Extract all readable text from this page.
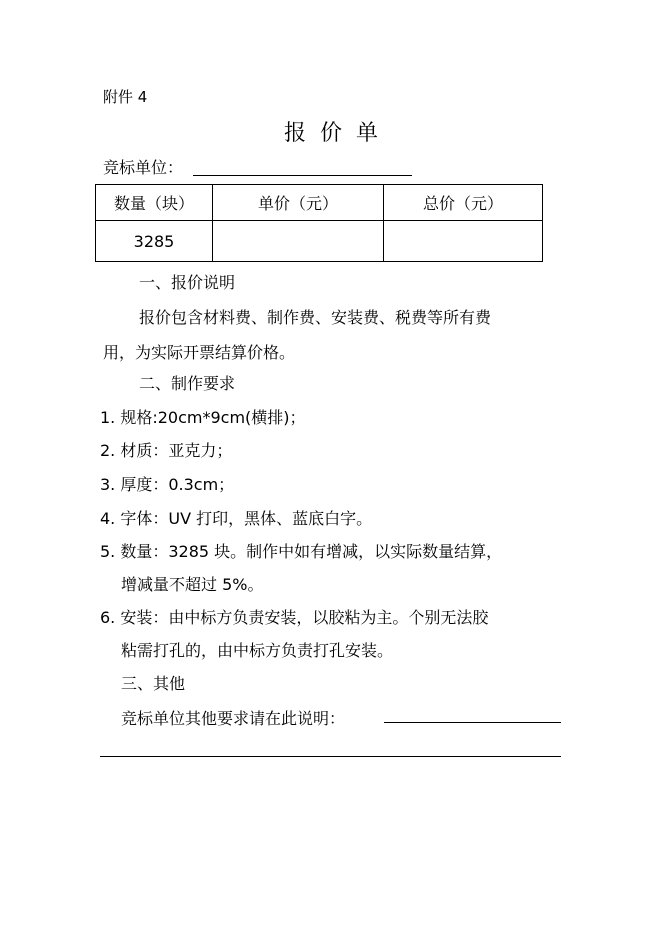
附件 4
报价单
竞标单位：
数量（块）	单价（元）	总价（元）
3285		
一、报价说明
报价包含材料费、制作费、安装费、税费等所有费
用，为实际开票结算价格。
二、制作要求
1. 规格:20cm*9cm(横排)；
2. 材质：亚克力；
3. 厚度：0.3cm；
4. 字体：UV 打印，黑体、蓝底白字。
5. 数量：3285 块。制作中如有增减，以实际数量结算，
增减量不超过 5%。
6. 安装：由中标方负责安装，以胶粘为主。个别无法胶
粘需打孔的，由中标方负责打孔安装。
三、其他
竞标单位其他要求请在此说明：
